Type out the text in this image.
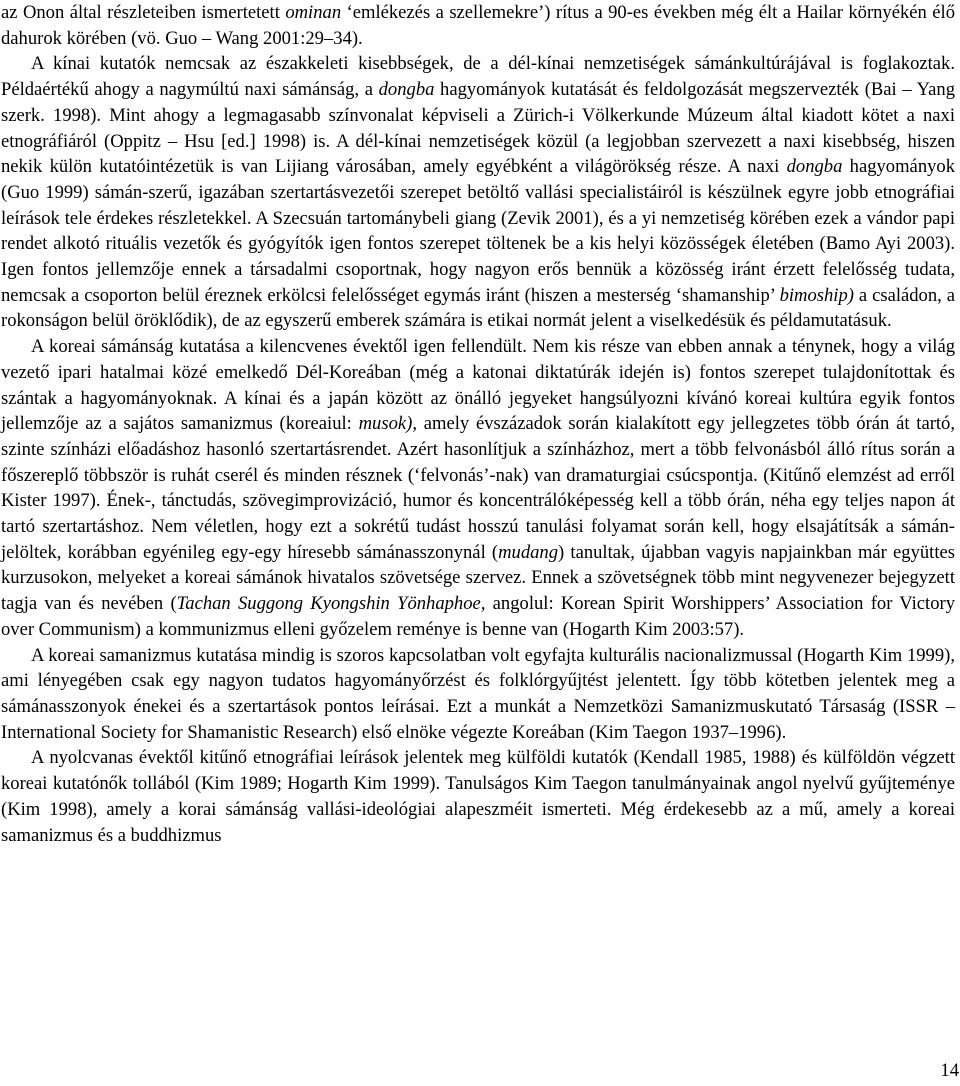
az Onon által részleteiben ismertetett ominan ‘emlékezés a szellemekre’) rítus a 90-es években még élt a Hailar környékén élő dahurok körében (vö. Guo – Wang 2001:29–34).

A kínai kutatók nemcsak az északkeleti kisebbségek, de a dél-kínai nemzetiségek sámánkultúrájával is foglakoztak. Példaértékű ahogy a nagymúltú naxi sámánság, a dongba hagyományok kutatását és feldolgozását megszervezték (Bai – Yang szerk. 1998). Mint ahogy a legmagasabb színvonalat képviseli a Zürich-i Völkerkunde Múzeum által kiadott kötet a naxi etnográfiáról (Oppitz – Hsu [ed.] 1998) is. A dél-kínai nemzetiségek közül (a legjobban szervezett a naxi kisebbség, hiszen nekik külön kutatóintézetük is van Lijiang városában, amely egyébként a világörökség része. A naxi dongba hagyományok (Guo 1999) sámán-szerű, igazában szertartásvezetői szerepet betöltő vallási specialistáiról is készülnek egyre jobb etnográfiai leírások tele érdekes részletekkel. A Szecsuán tartománybeli giang (Zevik 2001), és a yi nemzetiség körében ezek a vándor papi rendet alkotó rituális vezetők és gyógyítók igen fontos szerepet töltenek be a kis helyi közösségek életében (Bamo Ayi 2003). Igen fontos jellemzője ennek a társadalmi csoportnak, hogy nagyon erős bennük a közösség iránt érzett felelősség tudata, nemcsak a csoporton belül éreznek erkölcsi felelősséget egymás iránt (hiszen a mesterség ‘shamanship’ bimoship) a családon, a rokonságon belül öröklődik), de az egyszerű emberek számára is etikai normát jelent a viselkedésük és példamutatásuk.

A koreai sámánság kutatása a kilencvenes évektől igen fellendült. Nem kis része van ebben annak a ténynek, hogy a világ vezető ipari hatalmai közé emelkedő Dél-Koreában (még a katonai diktatúrák idején is) fontos szerepet tulajdonítottak és szántak a hagyományoknak. A kínai és a japán között az önálló jegyeket hangsúlyozni kívánó koreai kultúra egyik fontos jellemzője az a sajátos samanizmus (koreaiul: musok), amely évszázadok során kialakított egy jellegzetes több órán át tartó, szinte színházi előadáshoz hasonló szertartásrendet. Azért hasonlítjuk a színházhoz, mert a több felvonásból álló rítus során a főszereplő többször is ruhát cserél és minden résznek (‘felvonás’-nak) van dramaturgiai csúcspontja. (Kitűnő elemzést ad erről Kister 1997). Ének-, tánctudás, szövegimprovizáció, humor és koncentrálóképesség kell a több órán, néha egy teljes napon át tartó szertartáshoz. Nem véletlen, hogy ezt a sokrétű tudást hosszú tanulási folyamat során kell, hogy elsajátítsák a sámán-jelöltek, korábban egyénileg egy-egy híresebb sámánasszonynál (mudang) tanultak, újabban vagyis napjainkban már együttes kurzusokon, melyeket a koreai sámánok hivatalos szövetsége szervez. Ennek a szövetségnek több mint negyvenezer bejegyzett tagja van és nevében (Tachan Suggong Kyongshin Yönhaphoe, angolul: Korean Spirit Worshippers’ Association for Victory over Communism) a kommunizmus elleni győzelem reménye is benne van (Hogarth Kim 2003:57).

A koreai samanizmus kutatása mindig is szoros kapcsolatban volt egyfajta kulturális nacionalizmussal (Hogarth Kim 1999), ami lényegében csak egy nagyon tudatos hagyományőrzést és folklórgyűjtést jelentett. Így több kötetben jelentek meg a sámánasszonyok énekei és a szertartások pontos leírásai. Ezt a munkát a Nemzetközi Samanizmuskutató Társaság (ISSR – International Society for Shamanistic Research) első elnöke végezte Koreában (Kim Taegon 1937–1996).

A nyolcvanas évektől kitűnő etnográfiai leírások jelentek meg külföldi kutatók (Kendall 1985, 1988) és külföldön végzett koreai kutatónők tollából (Kim 1989; Hogarth Kim 1999). Tanulságos Kim Taegon tanulmányainak angol nyelvű gyűjteménye (Kim 1998), amely a korai sámánság vallási-ideológiai alapeszméit ismerteti. Még érdekesebb az a mű, amely a koreai samanizmus és a buddhizmus

14
